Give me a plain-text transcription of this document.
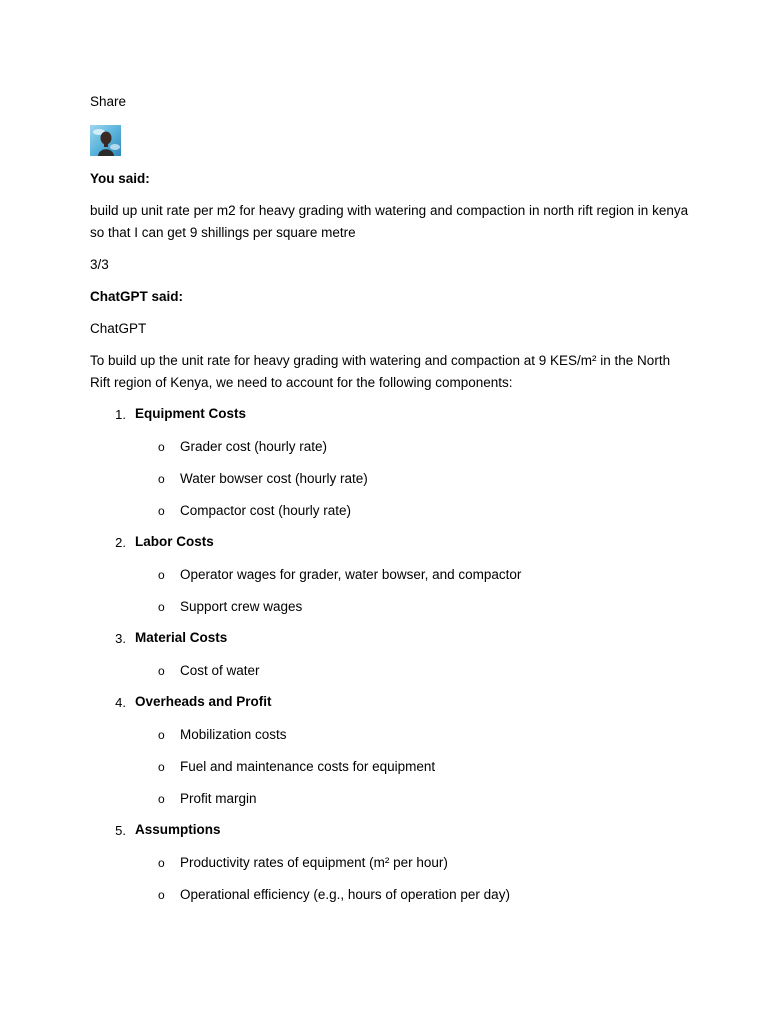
Share
You said:
build up unit rate per m2 for heavy grading with watering and compaction in north rift region in kenya so that I can get 9 shillings per square metre
3/3
ChatGPT said:
ChatGPT
To build up the unit rate for heavy grading with watering and compaction at 9 KES/m² in the North Rift region of Kenya, we need to account for the following components:
1. Equipment Costs
o Grader cost (hourly rate)
o Water bowser cost (hourly rate)
o Compactor cost (hourly rate)
2. Labor Costs
o Operator wages for grader, water bowser, and compactor
o Support crew wages
3. Material Costs
o Cost of water
4. Overheads and Profit
o Mobilization costs
o Fuel and maintenance costs for equipment
o Profit margin
5. Assumptions
o Productivity rates of equipment (m² per hour)
o Operational efficiency (e.g., hours of operation per day)
